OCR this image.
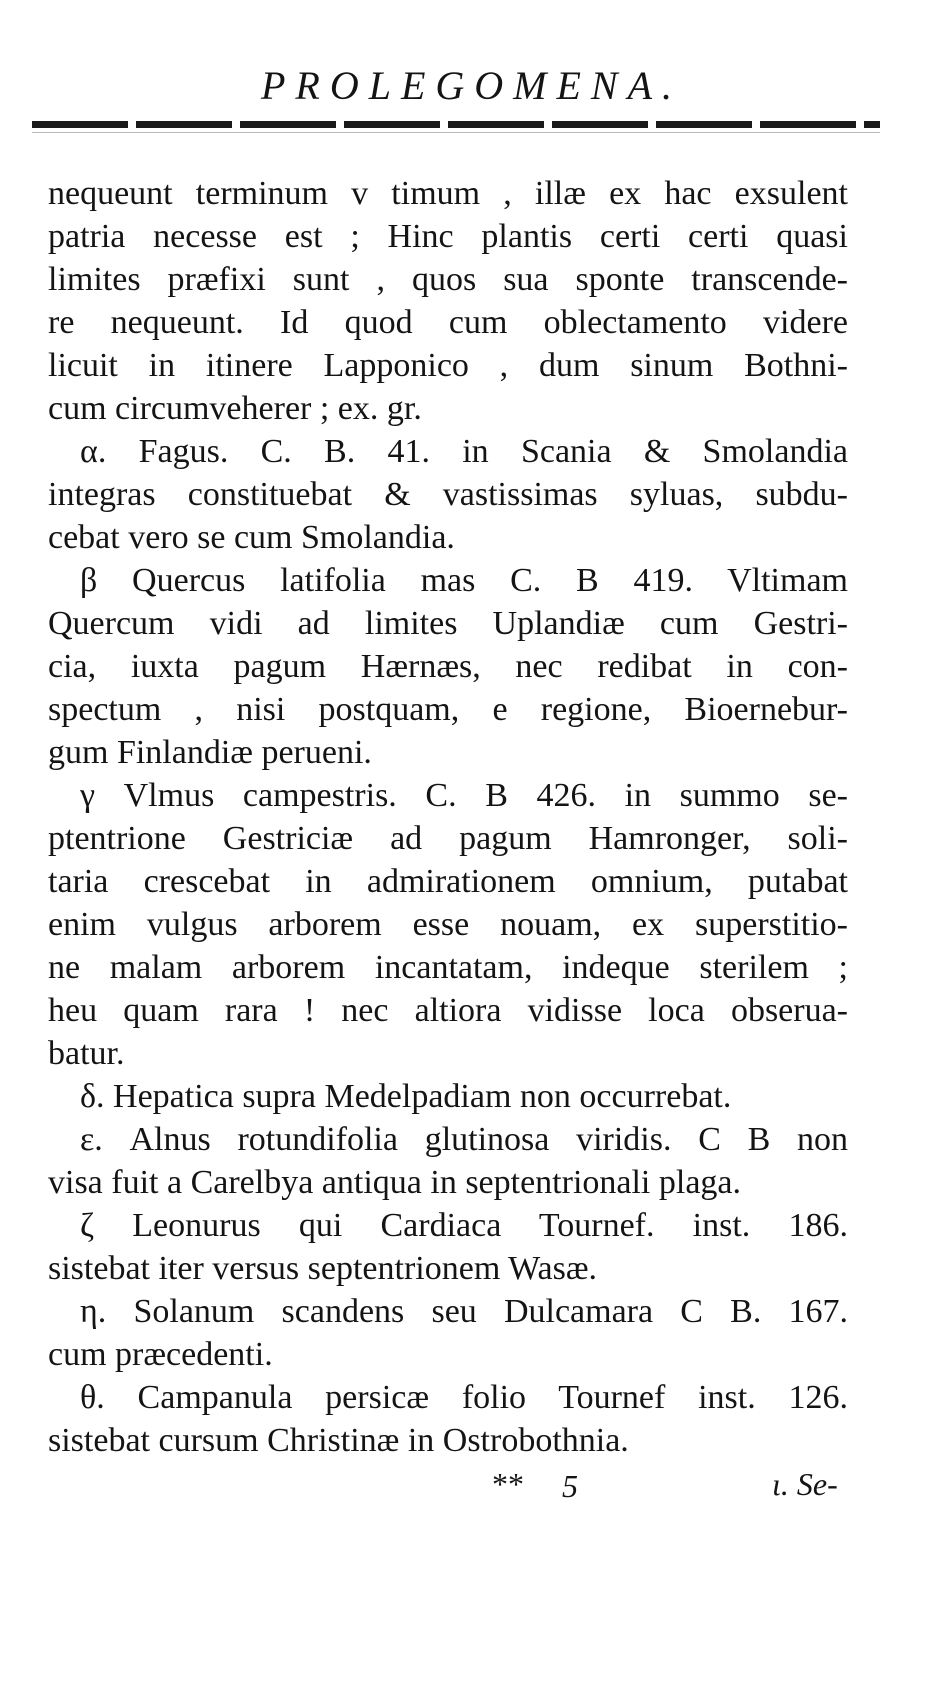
PROLEGOMENA.
nequeunt terminum v timum , illæ ex hac exsulent
patria necesse est ; Hinc plantis certi certi quasi
limites præfixi sunt , quos sua sponte transcende-
re nequeunt. Id quod cum oblectamento videre
licuit in itinere Lapponico , dum sinum Bothni-
cum circumveherer ; ex. gr.
α. Fagus. C. B. 41. in Scania & Smolandia
integras constituebat & vastissimas syluas, subdu-
cebat vero se cum Smolandia.
β Quercus latifolia mas C. B 419. Vltimam
Quercum vidi ad limites Uplandiæ cum Gestri-
cia, iuxta pagum Hærnæs, nec redibat in con-
spectum , nisi postquam, e regione, Bioernebur-
gum Finlandiæ perueni.
γ Vlmus campestris. C. B 426. in summo se-
ptentrione Gestriciæ ad pagum Hamronger, soli-
taria crescebat in admirationem omnium, putabat
enim vulgus arborem esse nouam, ex superstitio-
ne malam arborem incantatam, indeque sterilem ;
heu quam rara ! nec altiora vidisse loca obserua-
batur.
δ. Hepatica supra Medelpadiam non occurrebat.
ε. Alnus rotundifolia glutinosa viridis. C B non
visa fuit a Carelbya antiqua in septentrionali plaga.
ζ Leonurus qui Cardiaca Tournef. inst. 186.
sistebat iter versus septentrionem Wasæ.
η. Solanum scandens seu Dulcamara C B. 167.
cum præcedenti.
θ. Campanula persicæ folio Tournef inst. 126.
sistebat cursum Christinæ in Ostrobothnia.
** 5	ι. Se-
